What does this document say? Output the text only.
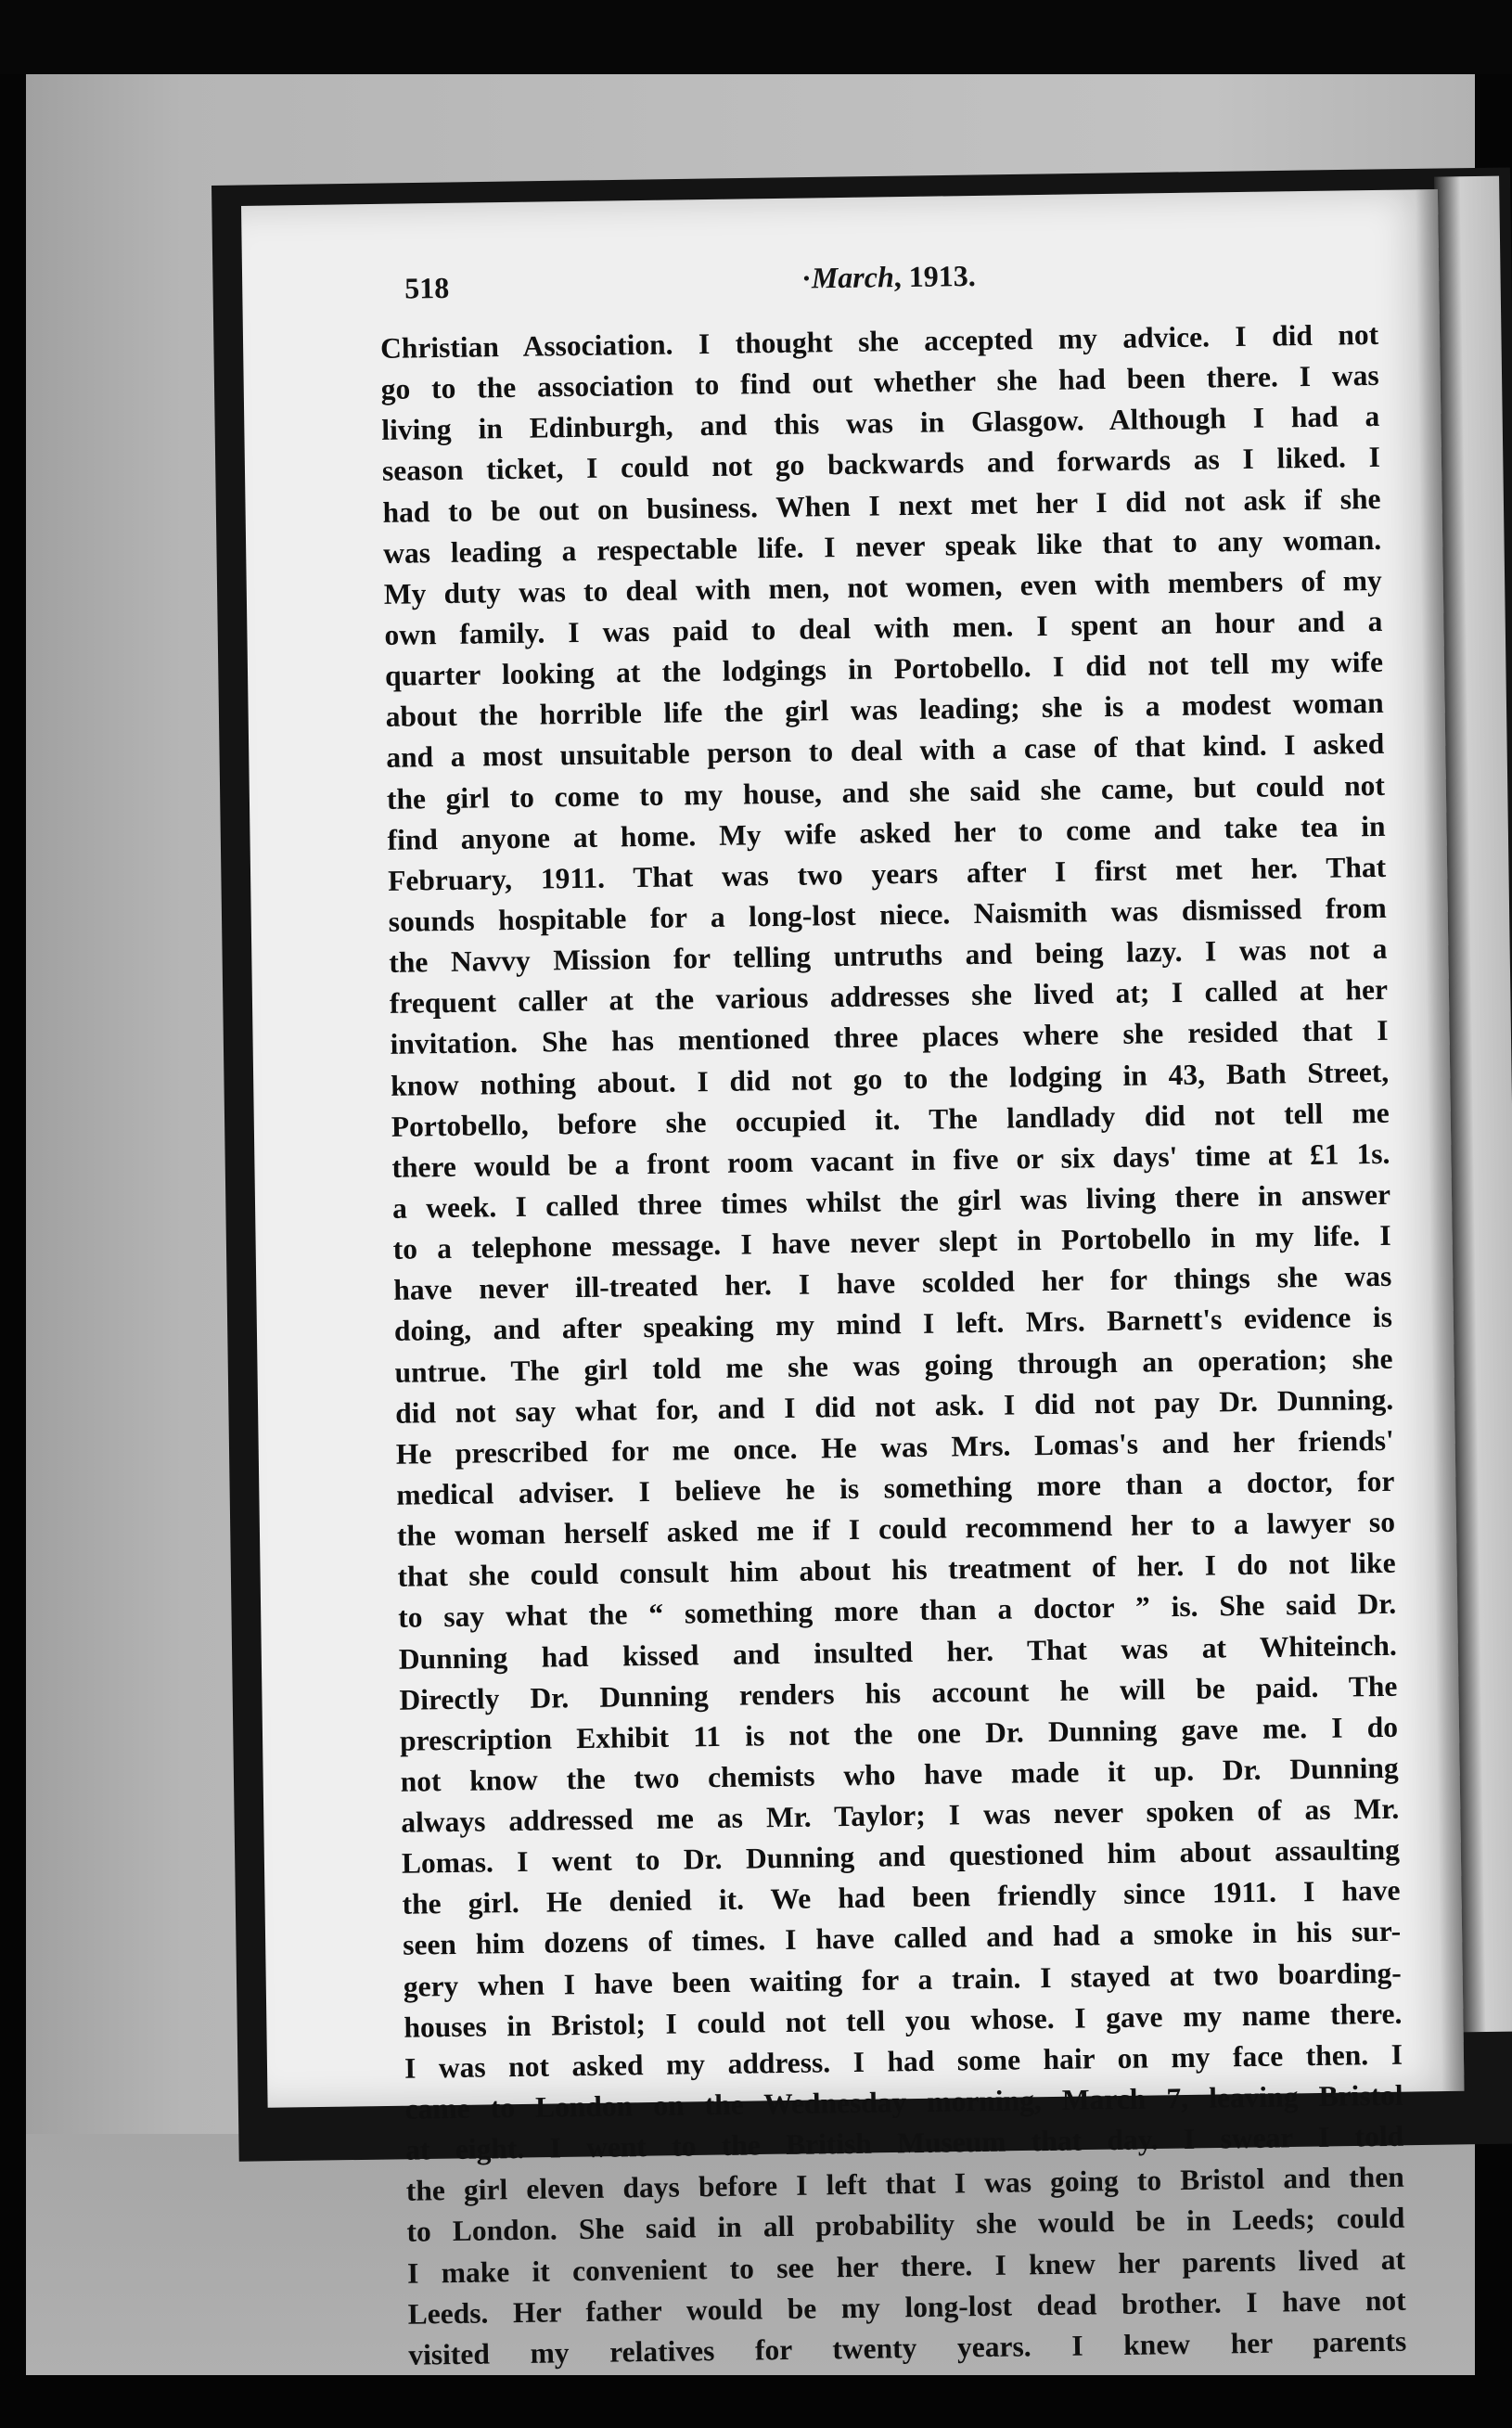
518	·March, 1913.
Christian Association. I thought she accepted my advice. I did not
go to the association to find out whether she had been there. I was
living in Edinburgh, and this was in Glasgow. Although I had a
season ticket, I could not go backwards and forwards as I liked. I
had to be out on business. When I next met her I did not ask if she
was leading a respectable life. I never speak like that to any woman.
My duty was to deal with men, not women, even with members of my
own family. I was paid to deal with men. I spent an hour and a
quarter looking at the lodgings in Portobello. I did not tell my wife
about the horrible life the girl was leading; she is a modest woman
and a most unsuitable person to deal with a case of that kind. I asked
the girl to come to my house, and she said she came, but could not
find anyone at home. My wife asked her to come and take tea in
February, 1911. That was two years after I first met her. That
sounds hospitable for a long-lost niece. Naismith was dismissed from
the Navvy Mission for telling untruths and being lazy. I was not a
frequent caller at the various addresses she lived at; I called at her
invitation. She has mentioned three places where she resided that I
know nothing about. I did not go to the lodging in 43, Bath Street,
Portobello, before she occupied it. The landlady did not tell me
there would be a front room vacant in five or six days' time at £1 1s.
a week. I called three times whilst the girl was living there in answer
to a telephone message. I have never slept in Portobello in my life. I
have never ill-treated her. I have scolded her for things she was
doing, and after speaking my mind I left. Mrs. Barnett's evidence is
untrue. The girl told me she was going through an operation; she
did not say what for, and I did not ask. I did not pay Dr. Dunning.
He prescribed for me once. He was Mrs. Lomas's and her friends'
medical adviser. I believe he is something more than a doctor, for
the woman herself asked me if I could recommend her to a lawyer so
that she could consult him about his treatment of her. I do not like
to say what the “ something more than a doctor ” is. She said Dr.
Dunning had kissed and insulted her. That was at Whiteinch.
Directly Dr. Dunning renders his account he will be paid. The
prescription Exhibit 11 is not the one Dr. Dunning gave me. I do
not know the two chemists who have made it up. Dr. Dunning
always addressed me as Mr. Taylor; I was never spoken of as Mr.
Lomas. I went to Dr. Dunning and questioned him about assaulting
the girl. He denied it. We had been friendly since 1911. I have
seen him dozens of times. I have called and had a smoke in his sur-
gery when I have been waiting for a train. I stayed at two boarding-
houses in Bristol; I could not tell you whose. I gave my name there.
I was not asked my address. I had some hair on my face then. I
came to London on the Wednesday morning, March 7, leaving Bristol
at eight. I went to the British Museum that day. I swear I told
the girl eleven days before I left that I was going to Bristol and then
to London. She said in all probability she would be in Leeds; could
I make it convenient to see her there. I knew her parents lived at
Leeds. Her father would be my long-lost dead brother. I have not
visited my relatives for twenty years. I knew her parents
